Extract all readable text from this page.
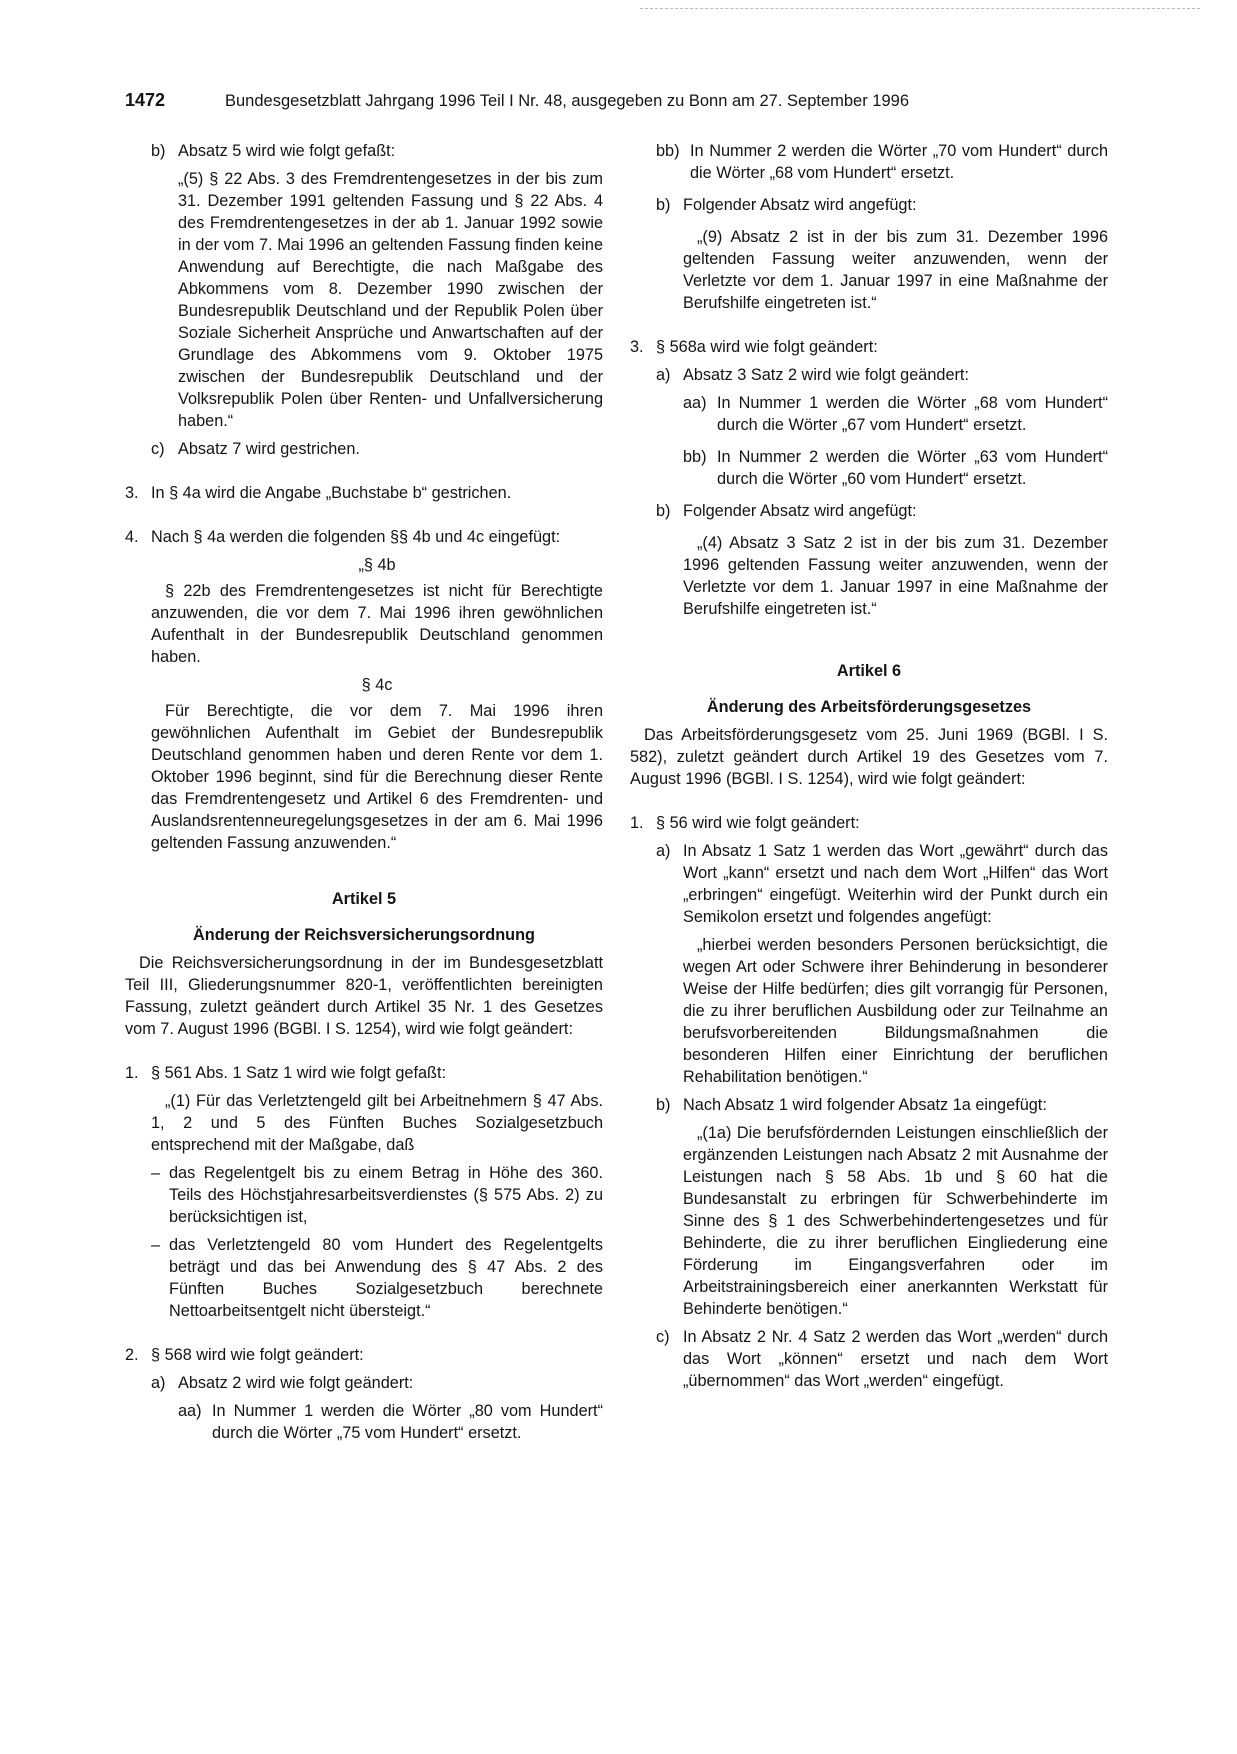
1472	Bundesgesetzblatt Jahrgang 1996 Teil I Nr. 48, ausgegeben zu Bonn am 27. September 1996
b) Absatz 5 wird wie folgt gefaßt:

„(5) § 22 Abs. 3 des Fremdrentengesetzes in der bis zum 31. Dezember 1991 geltenden Fassung und § 22 Abs. 4 des Fremdrentengesetzes in der ab 1. Januar 1992 sowie in der vom 7. Mai 1996 an geltenden Fassung finden keine Anwendung auf Berechtigte, die nach Maßgabe des Abkommens vom 8. Dezember 1990 zwischen der Bundesrepublik Deutschland und der Republik Polen über Soziale Sicherheit Ansprüche und Anwartschaften auf der Grundlage des Abkommens vom 9. Oktober 1975 zwischen der Bundesrepublik Deutschland und der Volksrepublik Polen über Renten- und Unfallversicherung haben.“

c) Absatz 7 wird gestrichen.
3. In § 4a wird die Angabe „Buchstabe b“ gestrichen.
4. Nach § 4a werden die folgenden §§ 4b und 4c eingefügt:
„§ 4b

§ 22b des Fremdrentengesetzes ist nicht für Berechtigte anzuwenden, die vor dem 7. Mai 1996 ihren gewöhnlichen Aufenthalt in der Bundesrepublik Deutschland genommen haben.

§ 4c

Für Berechtigte, die vor dem 7. Mai 1996 ihren gewöhnlichen Aufenthalt im Gebiet der Bundesrepublik Deutschland genommen haben und deren Rente vor dem 1. Oktober 1996 beginnt, sind für die Berechnung dieser Rente das Fremdrentengesetz und Artikel 6 des Fremdrenten- und Auslandsrentenneuregelungsgesetzes in der am 6. Mai 1996 geltenden Fassung anzuwenden.“

Artikel 5
Änderung der Reichsversicherungsordnung

Die Reichsversicherungsordnung in der im Bundesgesetzblatt Teil III, Gliederungsnummer 820-1, veröffentlichten bereinigten Fassung, zuletzt geändert durch Artikel 35 Nr. 1 des Gesetzes vom 7. August 1996 (BGBl. I S. 1254), wird wie folgt geändert:

1. § 561 Abs. 1 Satz 1 wird wie folgt gefaßt:

„(1) Für das Verletztengeld gilt bei Arbeitnehmern § 47 Abs. 1, 2 und 5 des Fünften Buches Sozialgesetzbuch entsprechend mit der Maßgabe, daß

– das Regelentgelt bis zu einem Betrag in Höhe des 360. Teils des Höchstjahresarbeitsverdienstes (§ 575 Abs. 2) zu berücksichtigen ist,
– das Verletztengeld 80 vom Hundert des Regelentgelts beträgt und das bei Anwendung des § 47 Abs. 2 des Fünften Buches Sozialgesetzbuch berechnete Nettoarbeitsentgelt nicht übersteigt.“
2. § 568 wird wie folgt geändert:
a) Absatz 2 wird wie folgt geändert:
aa) In Nummer 1 werden die Wörter „80 vom Hundert“ durch die Wörter „75 vom Hundert“ ersetzt.
bb) In Nummer 2 werden die Wörter „70 vom Hundert“ durch die Wörter „68 vom Hundert“ ersetzt.
b) Folgender Absatz wird angefügt:

„(9) Absatz 2 ist in der bis zum 31. Dezember 1996 geltenden Fassung weiter anzuwenden, wenn der Verletzte vor dem 1. Januar 1997 in eine Maßnahme der Berufshilfe eingetreten ist.“

3. § 568a wird wie folgt geändert:
a) Absatz 3 Satz 2 wird wie folgt geändert:
aa) In Nummer 1 werden die Wörter „68 vom Hundert“ durch die Wörter „67 vom Hundert“ ersetzt.
bb) In Nummer 2 werden die Wörter „63 vom Hundert“ durch die Wörter „60 vom Hundert“ ersetzt.
b) Folgender Absatz wird angefügt:

„(4) Absatz 3 Satz 2 ist in der bis zum 31. Dezember 1996 geltenden Fassung weiter anzuwenden, wenn der Verletzte vor dem 1. Januar 1997 in eine Maßnahme der Berufshilfe eingetreten ist.“

Artikel 6
Änderung des Arbeitsförderungsgesetzes

Das Arbeitsförderungsgesetz vom 25. Juni 1969 (BGBl. I S. 582), zuletzt geändert durch Artikel 19 des Gesetzes vom 7. August 1996 (BGBl. I S. 1254), wird wie folgt geändert:

1. § 56 wird wie folgt geändert:
a) In Absatz 1 Satz 1 werden das Wort „gewährt“ durch das Wort „kann“ ersetzt und nach dem Wort „Hilfen“ das Wort „erbringen“ eingefügt. Weiterhin wird der Punkt durch ein Semikolon ersetzt und folgendes angefügt:

„hierbei werden besonders Personen berücksichtigt, die wegen Art oder Schwere ihrer Behinderung in besonderer Weise der Hilfe bedürfen; dies gilt vorrangig für Personen, die zu ihrer beruflichen Ausbildung oder zur Teilnahme an berufsvorbereitenden Bildungsmaßnahmen die besonderen Hilfen einer Einrichtung der beruflichen Rehabilitation benötigen.“

b) Nach Absatz 1 wird folgender Absatz 1a eingefügt:

„(1a) Die berufsfördernden Leistungen einschließlich der ergänzenden Leistungen nach Absatz 2 mit Ausnahme der Leistungen nach § 58 Abs. 1b und § 60 hat die Bundesanstalt zu erbringen für Schwerbehinderte im Sinne des § 1 des Schwerbehindertengesetzes und für Behinderte, die zu ihrer beruflichen Eingliederung eine Förderung im Eingangsverfahren oder im Arbeitstrainingsbereich einer anerkannten Werkstatt für Behinderte benötigen.“

c) In Absatz 2 Nr. 4 Satz 2 werden das Wort „werden“ durch das Wort „können“ ersetzt und nach dem Wort „übernommen“ das Wort „werden“ eingefügt.
